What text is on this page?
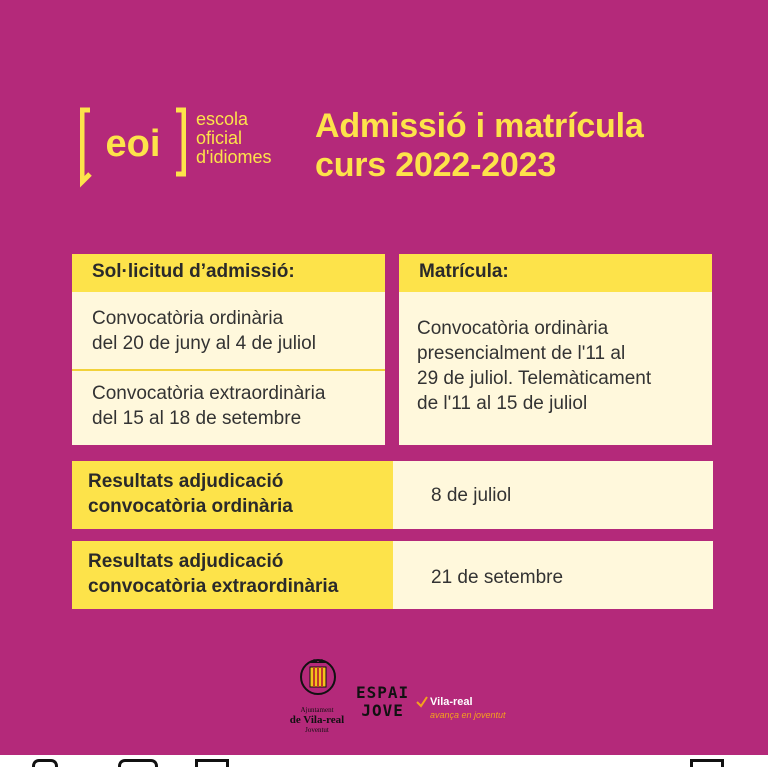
eoi
escola
oficial
d'idiomes
Admissió i matrícula
curs 2022-2023
Sol·licitud d’admissió:
Convocatòria ordinària
del 20 de juny al 4 de juliol
Convocatòria extraordinària
del 15 al 18 de setembre
Matrícula:
Convocatòria ordinària
presencialment de l'11 al
29 de juliol. Telemàticament
de l'11 al 15 de juliol
Resultats adjudicació
convocatòria ordinària
8 de juliol
Resultats adjudicació
convocatòria extraordinària	21 de setembre
Ajuntament
de Vila-real
Joventut
ESPAI
JOVE	Vila-real
avança en joventut
